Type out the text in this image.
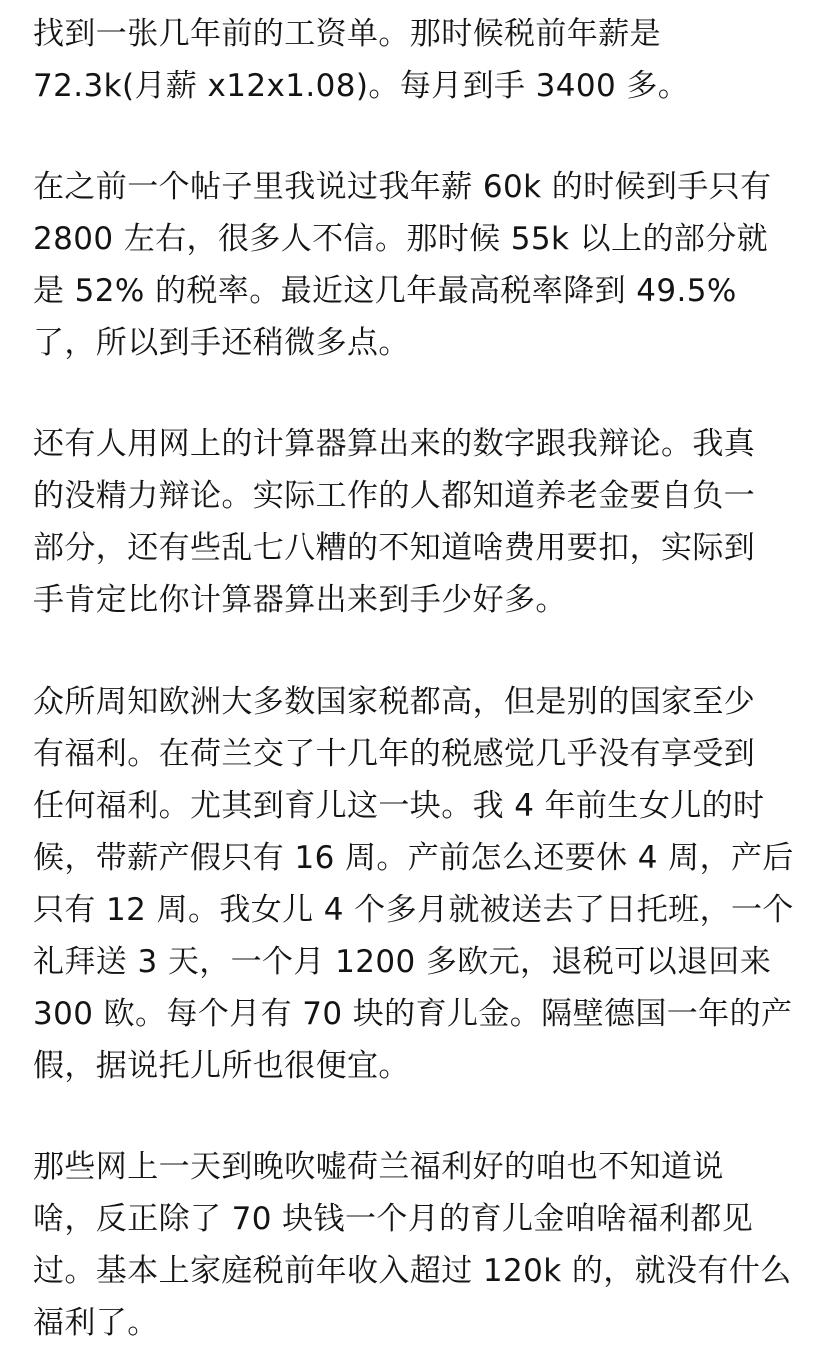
找到一张几年前的工资单。那时候税前年薪是
72.3k(月薪 x12x1.08)。每月到手 3400 多。
在之前一个帖子里我说过我年薪 60k 的时候到手只有
2800 左右，很多人不信。那时候 55k 以上的部分就
是 52% 的税率。最近这几年最高税率降到 49.5%
了，所以到手还稍微多点。
还有人用网上的计算器算出来的数字跟我辩论。我真
的没精力辩论。实际工作的人都知道养老金要自负一
部分，还有些乱七八糟的不知道啥费用要扣，实际到
手肯定比你计算器算出来到手少好多。
众所周知欧洲大多数国家税都高，但是别的国家至少
有福利。在荷兰交了十几年的税感觉几乎没有享受到
任何福利。尤其到育儿这一块。我 4 年前生女儿的时
候，带薪产假只有 16 周。产前怎么还要休 4 周，产后
只有 12 周。我女儿 4 个多月就被送去了日托班，一个
礼拜送 3 天，一个月 1200 多欧元，退税可以退回来
300 欧。每个月有 70 块的育儿金。隔壁德国一年的产
假，据说托儿所也很便宜。
那些网上一天到晚吹嘘荷兰福利好的咱也不知道说
啥，反正除了 70 块钱一个月的育儿金咱啥福利都见
过。基本上家庭税前年收入超过 120k 的，就没有什么
福利了。
